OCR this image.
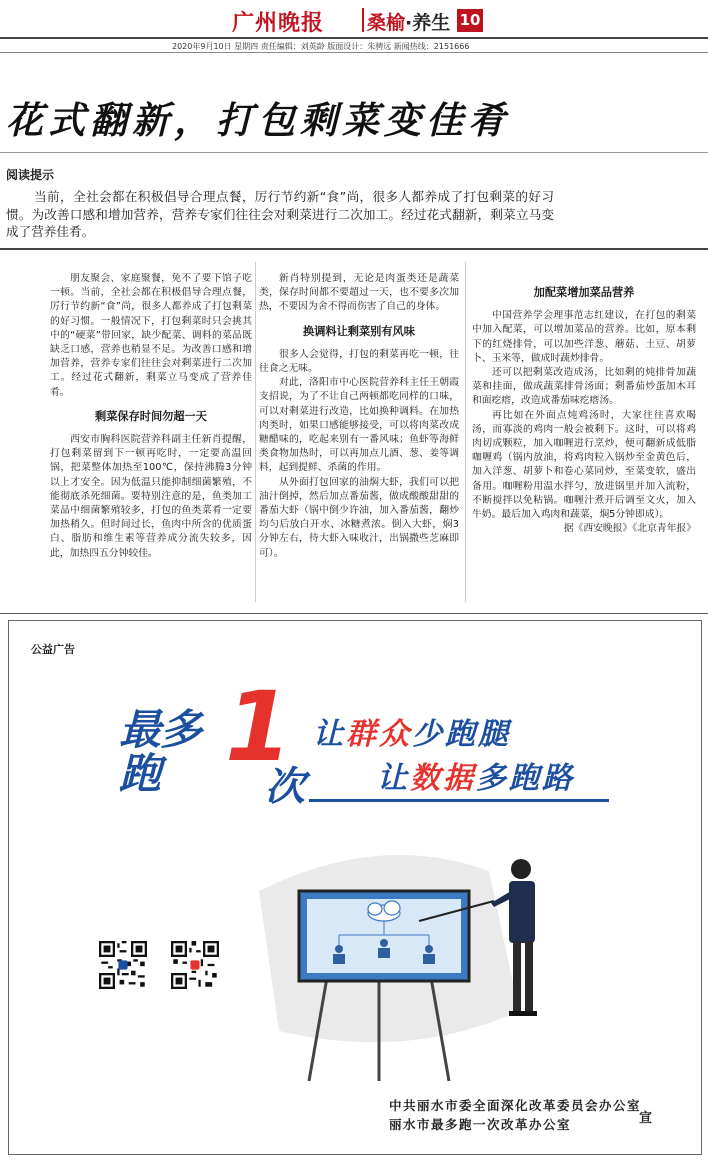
广州晚报 桑榆·养生 10
2020年9月10日 星期四 责任编辑：刘英龄 版面设计：朱骋远 新闻热线：2151666
花式翻新，打包剩菜变佳肴
阅读提示

当前，全社会都在积极倡导合理点餐，厉行节约新“食”尚，很多人都养成了打包剩菜的好习惯。为改善口感和增加营养，营养专家们往往会对剩菜进行二次加工。经过花式翻新，剩菜立马变成了营养佳肴。

朋友聚会、家庭聚餐，免不了要下馆子吃一顿。当前，全社会都在积极倡导合理点餐，厉行节约新“食”尚，很多人都养成了打包剩菜的好习惯。一般情况下，打包剩菜时只会挑其中的“硬菜”带回家，缺少配菜、调料的菜品既缺乏口感，营养也稍显不足。为改善口感和增加营养，营养专家们往往会对剩菜进行二次加工。经过花式翻新，剩菜立马变成了营养佳肴。

剩菜保存时间勿超一天

西安市胸科医院营养科副主任新肖提醒，打包剩菜留到下一顿再吃时，一定要高温回锅，把菜整体加热至100℃，保持沸腾3分钟以上才安全。因为低温只能抑制细菌繁殖，不能彻底杀死细菌。要特别注意的是，鱼类加工菜品中细菌繁殖较多，打包的鱼类菜肴一定要加热稍久。但时间过长，鱼肉中所含的优质蛋白、脂肪和维生素等营养成分流失较多，因此，加热四五分钟较佳。

新肖特别提到，无论是肉蛋类还是蔬菜类，保存时间都不要超过一天，也不要多次加热，不要因为舍不得而伤害了自己的身体。

换调料让剩菜别有风味

很多人会觉得，打包的剩菜再吃一顿，往往食之无味。

对此，洛阳市中心医院营养科主任王朝霞支招说，为了不让自己两顿都吃同样的口味，可以对剩菜进行改造，比如换种调料。在加热肉类时，如果口感能够接受，可以将肉菜改成糖醋味的，吃起来别有一番风味；鱼虾等海鲜类食物加热时，可以再加点儿酒、葱、姜等调料，起到提鲜、杀菌的作用。

从外面打包回家的油焖大虾，我们可以把油汁倒掉，然后加点番茄酱，做成酸酸甜甜的番茄大虾（锅中倒少许油，加入番茄酱，翻炒均匀后放白开水、冰糖煮浓。倒入大虾，焖3分钟左右，待大虾入味收汁，出锅撒些芝麻即可）。

加配菜增加菜品营养

中国营养学会理事范志红建议，在打包的剩菜中加入配菜，可以增加菜品的营养。比如，原本剩下的红烧排骨，可以加些洋葱、蘑菇、土豆、胡萝卜、玉米等，做成时蔬炒排骨。

还可以把剩菜改造成汤，比如剩的炖排骨加蔬菜和挂面，做成蔬菜排骨汤面；剩番茄炒蛋加木耳和面疙瘩，改造成番茄味疙瘩汤。

再比如在外面点炖鸡汤时，大家往往喜欢喝汤，而寡淡的鸡肉一般会被剩下。这时，可以将鸡肉切成颗粒，加入咖喱进行烹炒，便可翻新成低脂咖喱鸡（锅内放油，将鸡肉粒入锅炒至金黄色后，加入洋葱、胡萝卜和卷心菜同炒，至菜变软，盛出备用。咖喱粉用温水拌匀，放进锅里并加入流粉，不断搅拌以免粘锅。咖喱汁煮开后调至文火，加入牛奶。最后加入鸡肉和蔬菜，焖5分钟即成）。

据《西安晚报》《北京青年报》

公益广告
最多
跑 1
次
让群众少跑腿
让数据多跑路
中共丽水市委全面深化改革委员会办公室
丽水市最多跑一次改革办公室	宣
